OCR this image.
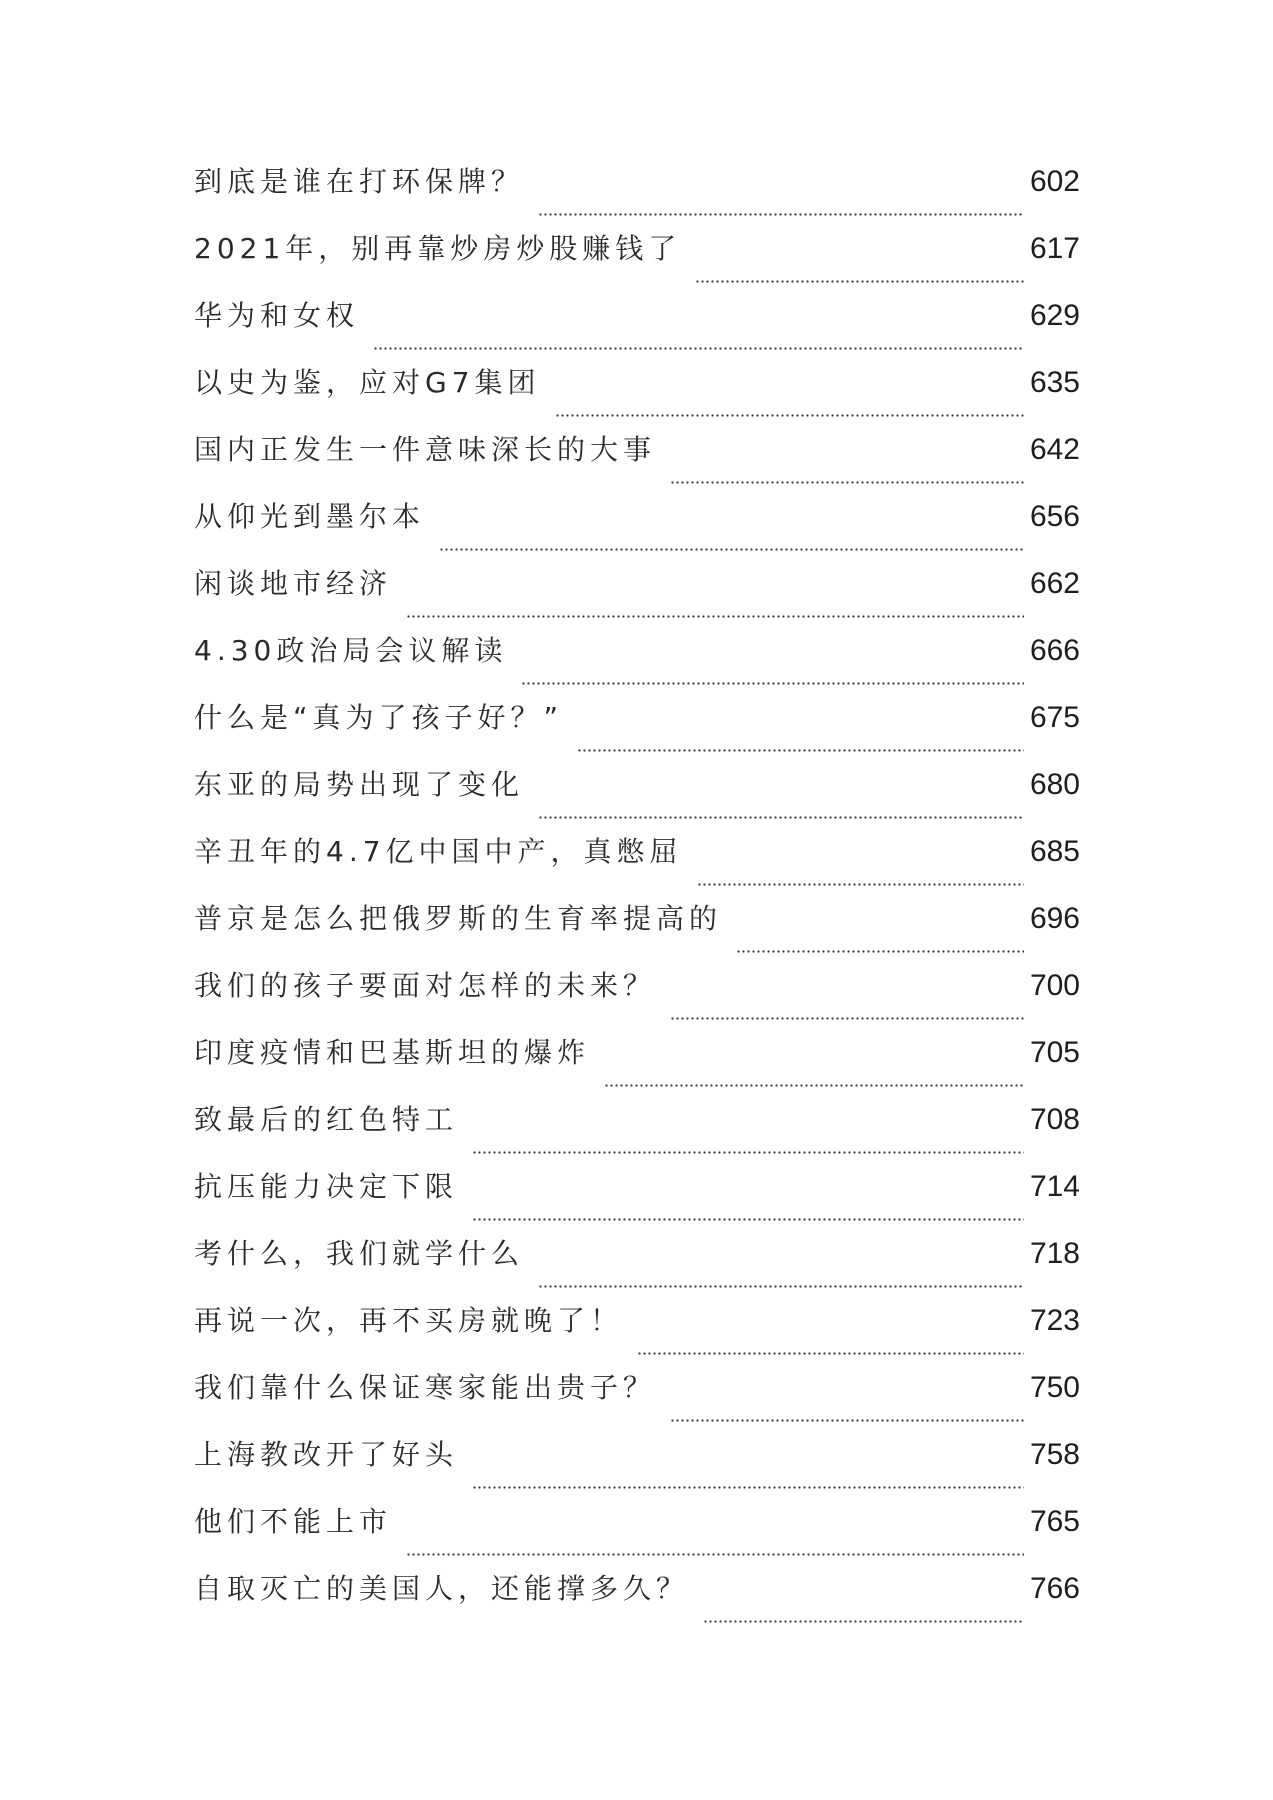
到底是谁在打环保牌？	602
2021年，别再靠炒房炒股赚钱了	617
华为和女权	629
以史为鉴，应对G7集团	635
国内正发生一件意味深长的大事	642
从仰光到墨尔本	656
闲谈地市经济	662
4.30政治局会议解读	666
什么是“真为了孩子好？”	675
东亚的局势出现了变化	680
辛丑年的4.7亿中国中产，真憋屈	685
普京是怎么把俄罗斯的生育率提高的	696
我们的孩子要面对怎样的未来？	700
印度疫情和巴基斯坦的爆炸	705
致最后的红色特工	708
抗压能力决定下限	714
考什么，我们就学什么	718
再说一次，再不买房就晚了！	723
我们靠什么保证寒家能出贵子？	750
上海教改开了好头	758
他们不能上市	765
自取灭亡的美国人，还能撑多久？	766
